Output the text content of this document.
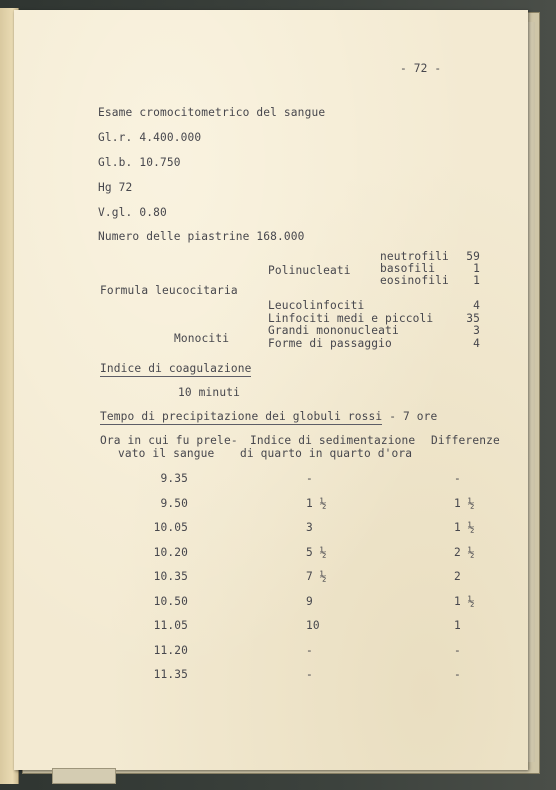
- 72 -
Esame cromocitometrico del sangue
Gl.r. 4.400.000
Gl.b. 10.750
Hg 72
V.gl. 0.80
Numero delle piastrine 168.000
Formula leucocitaria
Polinucleati
neutrofili	59
basofili	1
eosinofili	1
Monociti
Leucolinfociti	4
Linfociti medi e piccoli	35
Grandi mononucleati	3
Forme di passaggio	4
Indice di coagulazione
10 minuti
Tempo di precipitazione dei globuli rossi - 7 ore
Ora in cui fu prele-
vato il sangue
Indice di sedimentazione
di quarto in quarto d'ora
Differenze
9.35	-	-
9.50	1 ½	1 ½
10.05	3	1 ½
10.20	5 ½	2 ½
10.35	7 ½	2
10.50	9	1 ½
11.05	10	1
11.20	-	-
11.35	-	-
